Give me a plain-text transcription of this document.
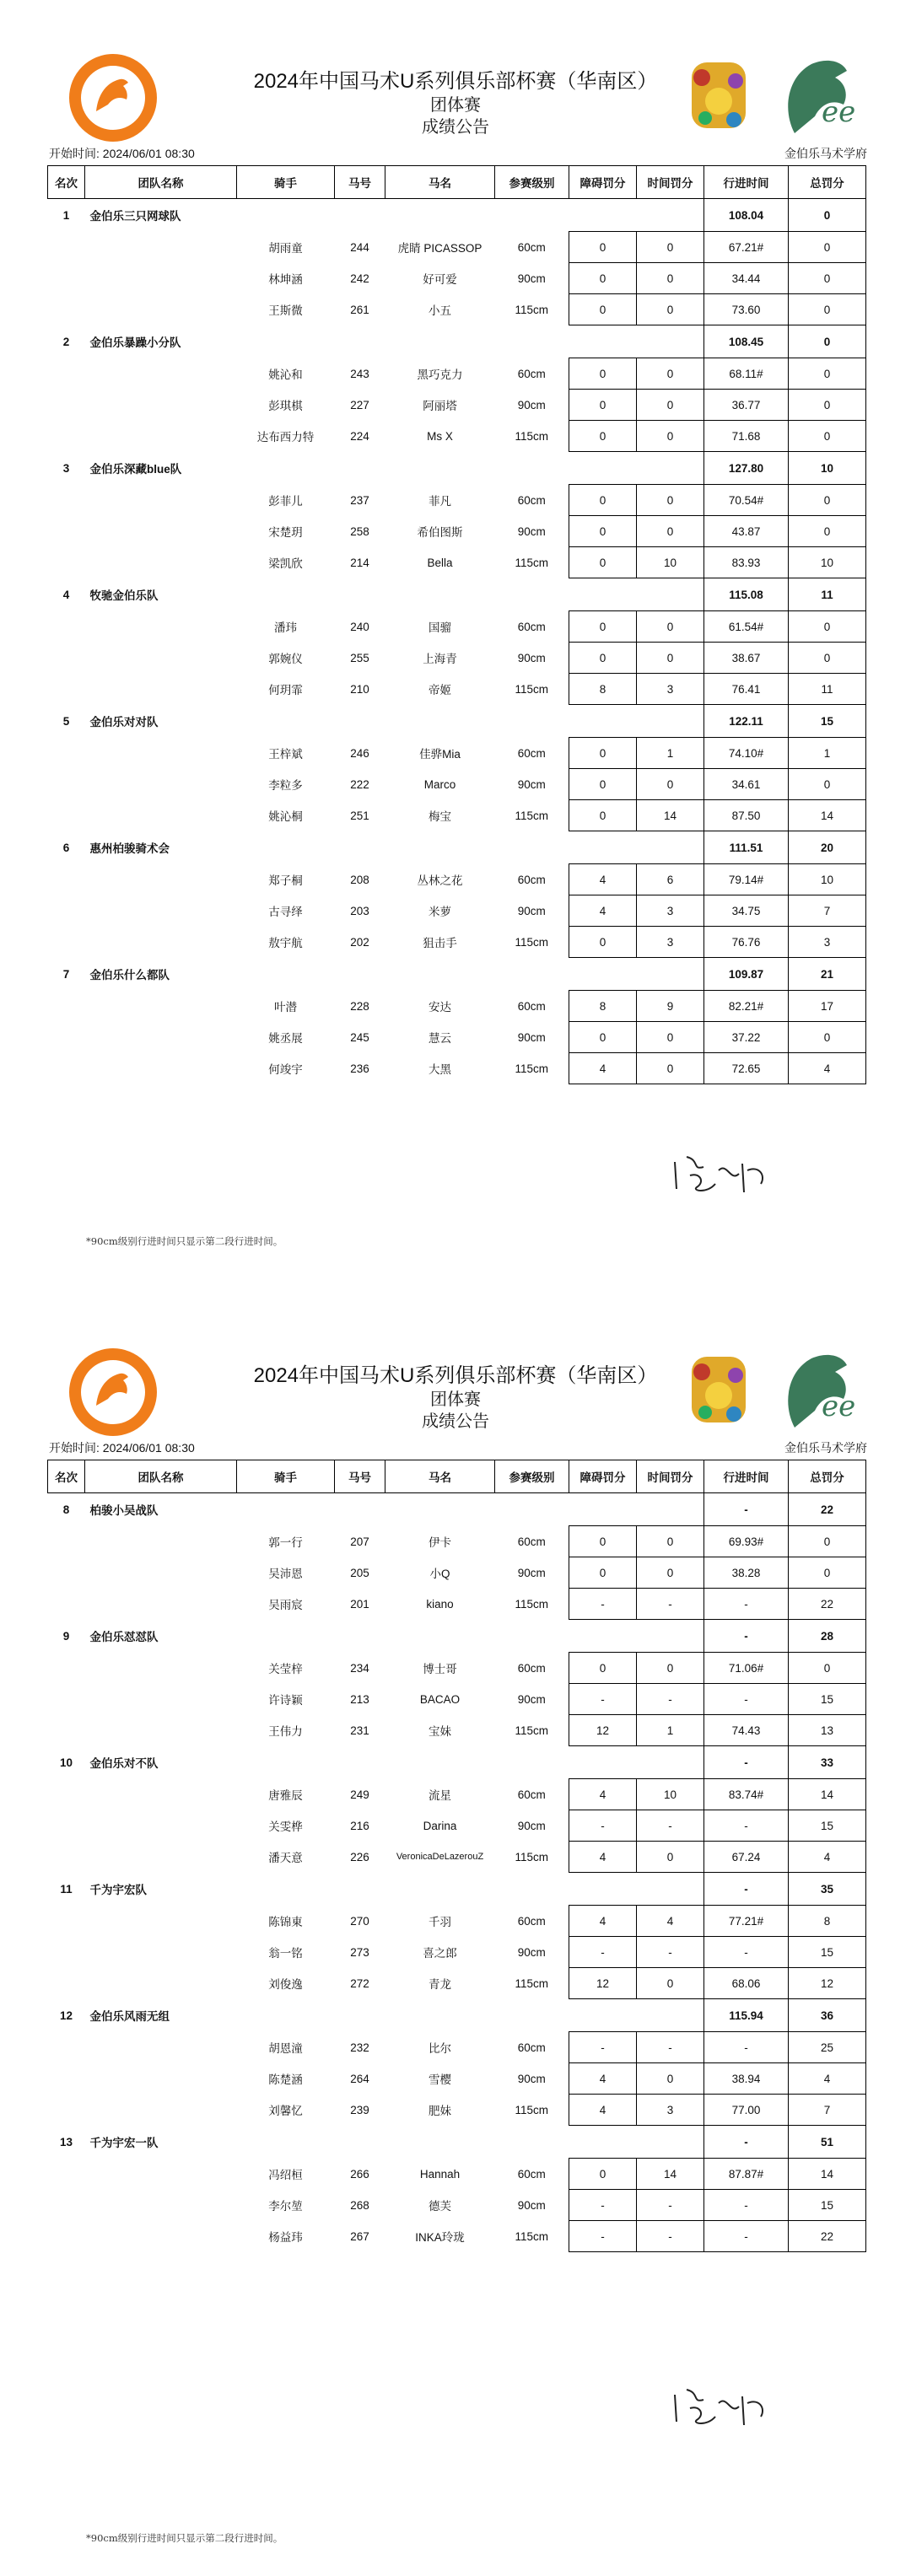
ee
2024年中国马术U系列俱乐部杯赛（华南区）
团体赛
成绩公告
开始时间: 2024/06/01 08:30	金伯乐马术学府
名次	团队名称	骑手	马号	马名	参赛级别	障碍罚分	时间罚分	行进时间	总罚分
1	金伯乐三只网球队							108.04	0
		胡雨童	244	虎睛 PICASSOP	60cm	0	0	67.21#	0
		林坤涵	242	好可爱	90cm	0	0	34.44	0
		王斯微	261	小五	115cm	0	0	73.60	0
2	金伯乐暴躁小分队							108.45	0
		姚沁和	243	黑巧克力	60cm	0	0	68.11#	0
		彭琪棋	227	阿丽塔	90cm	0	0	36.77	0
		达布西力特	224	Ms X	115cm	0	0	71.68	0
3	金伯乐深藏blue队							127.80	10
		彭菲儿	237	菲凡	60cm	0	0	70.54#	0
		宋楚玥	258	希伯图斯	90cm	0	0	43.87	0
		梁凯欣	214	Bella	115cm	0	10	83.93	10
4	牧驰金伯乐队							115.08	11
		潘玮	240	国骝	60cm	0	0	61.54#	0
		郭婉仪	255	上海青	90cm	0	0	38.67	0
		何玥霏	210	帝姬	115cm	8	3	76.41	11
5	金伯乐对对队							122.11	15
		王梓斌	246	佳骅Mia	60cm	0	1	74.10#	1
		李粒多	222	Marco	90cm	0	0	34.61	0
		姚沁桐	251	梅宝	115cm	0	14	87.50	14
6	惠州柏骏骑术会							111.51	20
		郑子桐	208	丛林之花	60cm	4	6	79.14#	10
		古寻绎	203	米萝	90cm	4	3	34.75	7
		敖宇航	202	狙击手	115cm	0	3	76.76	3
7	金伯乐什么都队							109.87	21
		叶潜	228	安达	60cm	8	9	82.21#	17
		姚丞展	245	慧云	90cm	0	0	37.22	0
		何竣宇	236	大黑	115cm	4	0	72.65	4
*90cm级别行进时间只显示第二段行进时间。
ee
2024年中国马术U系列俱乐部杯赛（华南区）
团体赛
成绩公告
开始时间: 2024/06/01 08:30	金伯乐马术学府
名次	团队名称	骑手	马号	马名	参赛级别	障碍罚分	时间罚分	行进时间	总罚分
8	柏骏小吴战队							-	22
		郭一行	207	伊卡	60cm	0	0	69.93#	0
		吴沛恩	205	小Q	90cm	0	0	38.28	0
		吴雨宸	201	kiano	115cm	-	-	-	22
9	金伯乐怼怼队							-	28
		关莹梓	234	博士哥	60cm	0	0	71.06#	0
		许诗颖	213	BACAO	90cm	-	-	-	15
		王伟力	231	宝妹	115cm	12	1	74.43	13
10	金伯乐对不队							-	33
		唐雅辰	249	流星	60cm	4	10	83.74#	14
		关雯桦	216	Darina	90cm	-	-	-	15
		潘天意	226	VeronicaDeLazerouZ	115cm	4	0	67.24	4
11	千为宇宏队							-	35
		陈锦東	270	千羽	60cm	4	4	77.21#	8
		翁一铭	273	喜之郎	90cm	-	-	-	15
		刘俊逸	272	青龙	115cm	12	0	68.06	12
12	金伯乐风雨无组							115.94	36
		胡恩潼	232	比尔	60cm	-	-	-	25
		陈楚涵	264	雪樱	90cm	4	0	38.94	4
		刘馨忆	239	肥妹	115cm	4	3	77.00	7
13	千为宇宏一队							-	51
		冯绍桓	266	Hannah	60cm	0	14	87.87#	14
		李尔堃	268	德芙	90cm	-	-	-	15
		杨益玮	267	INKA玲珑	115cm	-	-	-	22
*90cm级别行进时间只显示第二段行进时间。
